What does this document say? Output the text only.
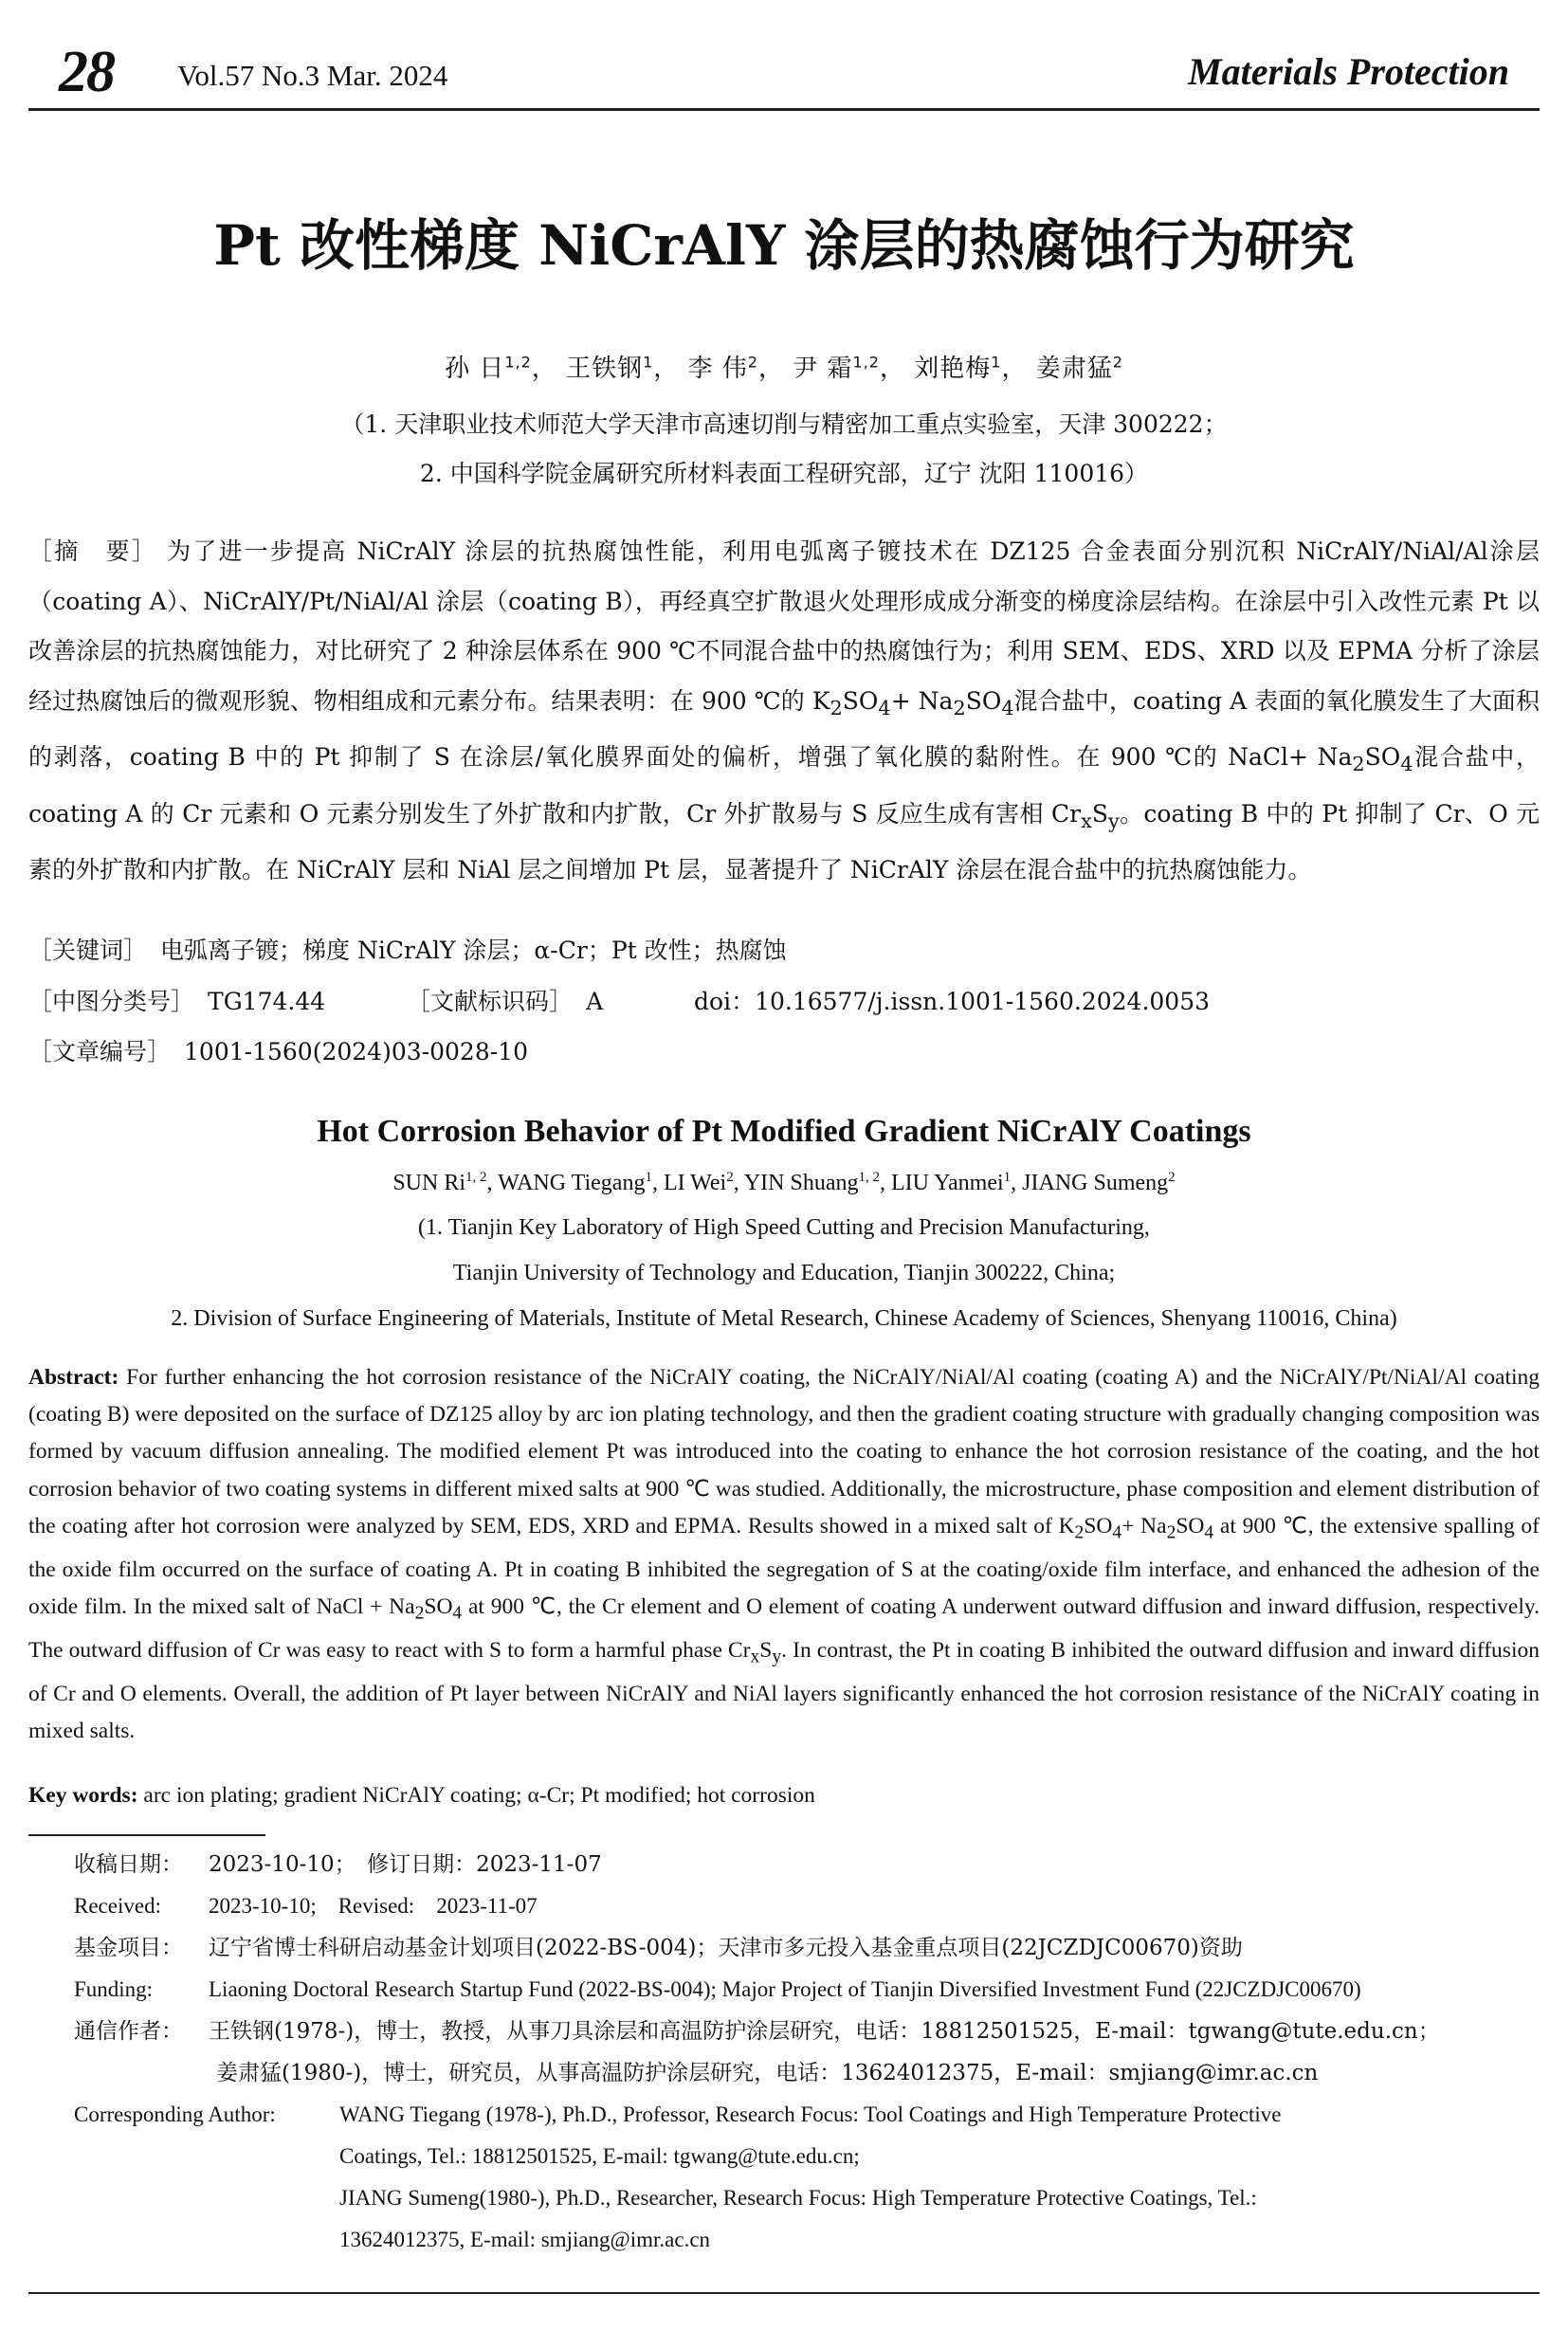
28 Vol.57 No.3 Mar. 2024	Materials Protection
Pt 改性梯度 NiCrAlY 涂层的热腐蚀行为研究
孙 日$^{1,2}$， 王铁钢$^1$， 李 伟$^2$， 尹 霜$^{1,2}$， 刘艳梅$^1$， 姜肃猛$^2$
（1. 天津职业技术师范大学天津市高速切削与精密加工重点实验室，天津 300222；
2. 中国科学院金属研究所材料表面工程研究部，辽宁 沈阳 110016）
［摘　要］ 为了进一步提高 NiCrAlY 涂层的抗热腐蚀性能，利用电弧离子镀技术在 DZ125 合金表面分别沉积 NiCrAlY/NiAl/Al涂层（coating A）、NiCrAlY/Pt/NiAl/Al 涂层（coating B），再经真空扩散退火处理形成成分渐变的梯度涂层结构。在涂层中引入改性元素 Pt 以改善涂层的抗热腐蚀能力，对比研究了 2 种涂层体系在 900 ℃不同混合盐中的热腐蚀行为；利用 SEM、EDS、XRD 以及 EPMA 分析了涂层经过热腐蚀后的微观形貌、物相组成和元素分布。结果表明：在 900 ℃的 $K_2SO_4+ Na_2SO_4$混合盐中，coating A 表面的氧化膜发生了大面积的剥落，coating B 中的 Pt 抑制了 S 在涂层/氧化膜界面处的偏析，增强了氧化膜的黏附性。在 900 ℃的 NaCl+ $Na_2SO_4$混合盐中，coating A 的 Cr 元素和 O 元素分别发生了外扩散和内扩散，Cr 外扩散易与 S 反应生成有害相 $Cr_xS_y$。coating B 中的 Pt 抑制了 Cr、O 元素的外扩散和内扩散。在 NiCrAlY 层和 NiAl 层之间增加 Pt 层，显著提升了 NiCrAlY 涂层在混合盐中的抗热腐蚀能力。
［关键词］ 电弧离子镀；梯度 NiCrAlY 涂层；α-Cr；Pt 改性；热腐蚀
［中图分类号］ TG174.44	［文献标识码］ A	doi：10.16577/j.issn.1001-1560.2024.0053
［文章编号］ 1001-1560(2024)03-0028-10
Hot Corrosion Behavior of Pt Modified Gradient NiCrAlY Coatings
SUN Ri$^{1, 2}$, WANG Tiegang$^1$, LI Wei$^2$, YIN Shuang$^{1, 2}$, LIU Yanmei$^1$, JIANG Sumeng$^2$
(1. Tianjin Key Laboratory of High Speed Cutting and Precision Manufacturing,
Tianjin University of Technology and Education, Tianjin 300222, China;
2. Division of Surface Engineering of Materials, Institute of Metal Research, Chinese Academy of Sciences, Shenyang 110016, China)
Abstract: For further enhancing the hot corrosion resistance of the NiCrAlY coating, the NiCrAlY/NiAl/Al coating (coating A) and the NiCrAlY/Pt/NiAl/Al coating (coating B) were deposited on the surface of DZ125 alloy by arc ion plating technology, and then the gradient coating structure with gradually changing composition was formed by vacuum diffusion annealing. The modified element Pt was introduced into the coating to enhance the hot corrosion resistance of the coating, and the hot corrosion behavior of two coating systems in different mixed salts at 900 ℃ was studied. Additionally, the microstructure, phase composition and element distribution of the coating after hot corrosion were analyzed by SEM, EDS, XRD and EPMA. Results showed in a mixed salt of $K_2SO_4+ Na_2SO_4$ at 900 ℃, the extensive spalling of the oxide film occurred on the surface of coating A. Pt in coating B inhibited the segregation of S at the coating/oxide film interface, and enhanced the adhesion of the oxide film. In the mixed salt of NaCl + $Na_2SO_4$ at 900 ℃, the Cr element and O element of coating A underwent outward diffusion and inward diffusion, respectively. The outward diffusion of Cr was easy to react with S to form a harmful phase $Cr_xS_y$. In contrast, the Pt in coating B inhibited the outward diffusion and inward diffusion of Cr and O elements. Overall, the addition of Pt layer between NiCrAlY and NiAl layers significantly enhanced the hot corrosion resistance of the NiCrAlY coating in mixed salts.
Key words: arc ion plating; gradient NiCrAlY coating; α-Cr; Pt modified; hot corrosion
收稿日期： 2023-10-10；　修订日期：2023-11-07
Received: 2023-10-10;　Revised:　2023-11-07
基金项目： 辽宁省博士科研启动基金计划项目(2022-BS-004)；天津市多元投入基金重点项目(22JCZDJC00670)资助
Funding:	Liaoning Doctoral Research Startup Fund (2022-BS-004); Major Project of Tianjin Diversified Investment Fund (22JCZDJC00670)
通信作者： 王铁钢(1978-)，博士，教授，从事刀具涂层和高温防护涂层研究，电话：18812501525，E-mail：tgwang@tute.edu.cn；
姜肃猛(1980-)，博士，研究员，从事高温防护涂层研究，电话：13624012375，E-mail：smjiang@imr.ac.cn
Corresponding Author:	WANG Tiegang (1978-), Ph.D., Professor, Research Focus: Tool Coatings and High Temperature Protective
Coatings, Tel.: 18812501525, E-mail: tgwang@tute.edu.cn;
JIANG Sumeng(1980-), Ph.D., Researcher, Research Focus: High Temperature Protective Coatings, Tel.:
13624012375, E-mail: smjiang@imr.ac.cn
